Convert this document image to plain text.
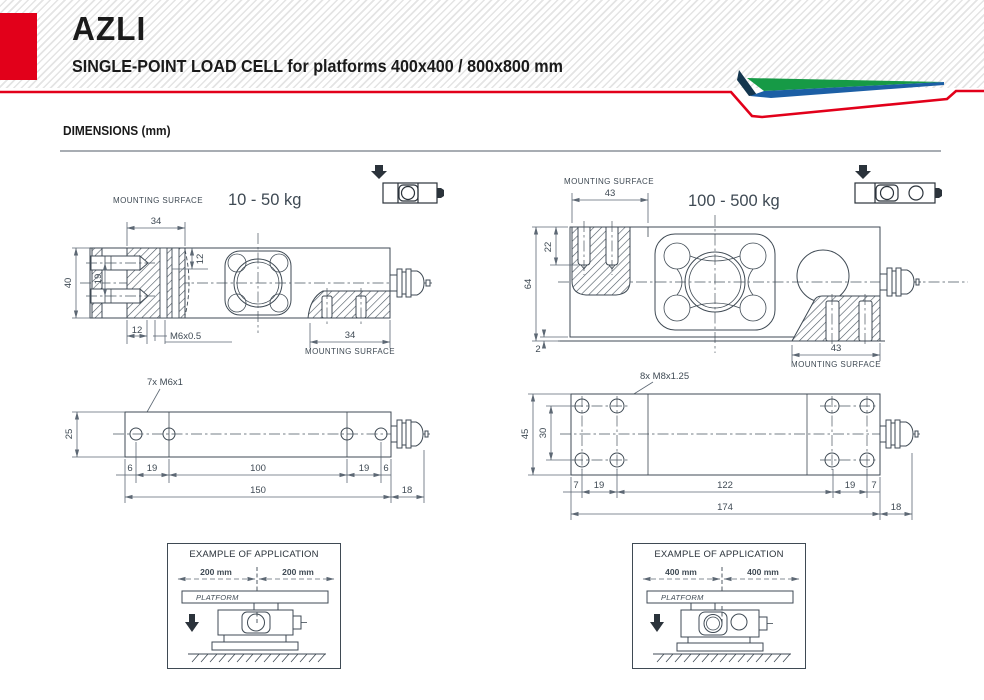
AZLI
SINGLE-POINT LOAD CELL for platforms 400x400 / 800x800 mm
DIMENSIONS (mm)
MOUNTING SURFACE 10 - 50 kg
34
40 19
12
12
M6x0.5	34
MOUNTING SURFACE
MOUNTING SURFACE
100 - 500 kg
43
64
22
2	43
MOUNTING SURFACE
7x M6x1
25
6 19	100	19 6
150	18
8x M8x1.25
45 30
7 19	122	19 7
174	18
EXAMPLE OF APPLICATION
200 mm	200 mm
PLATFORM
EXAMPLE OF APPLICATION
400 mm	400 mm
PLATFORM
